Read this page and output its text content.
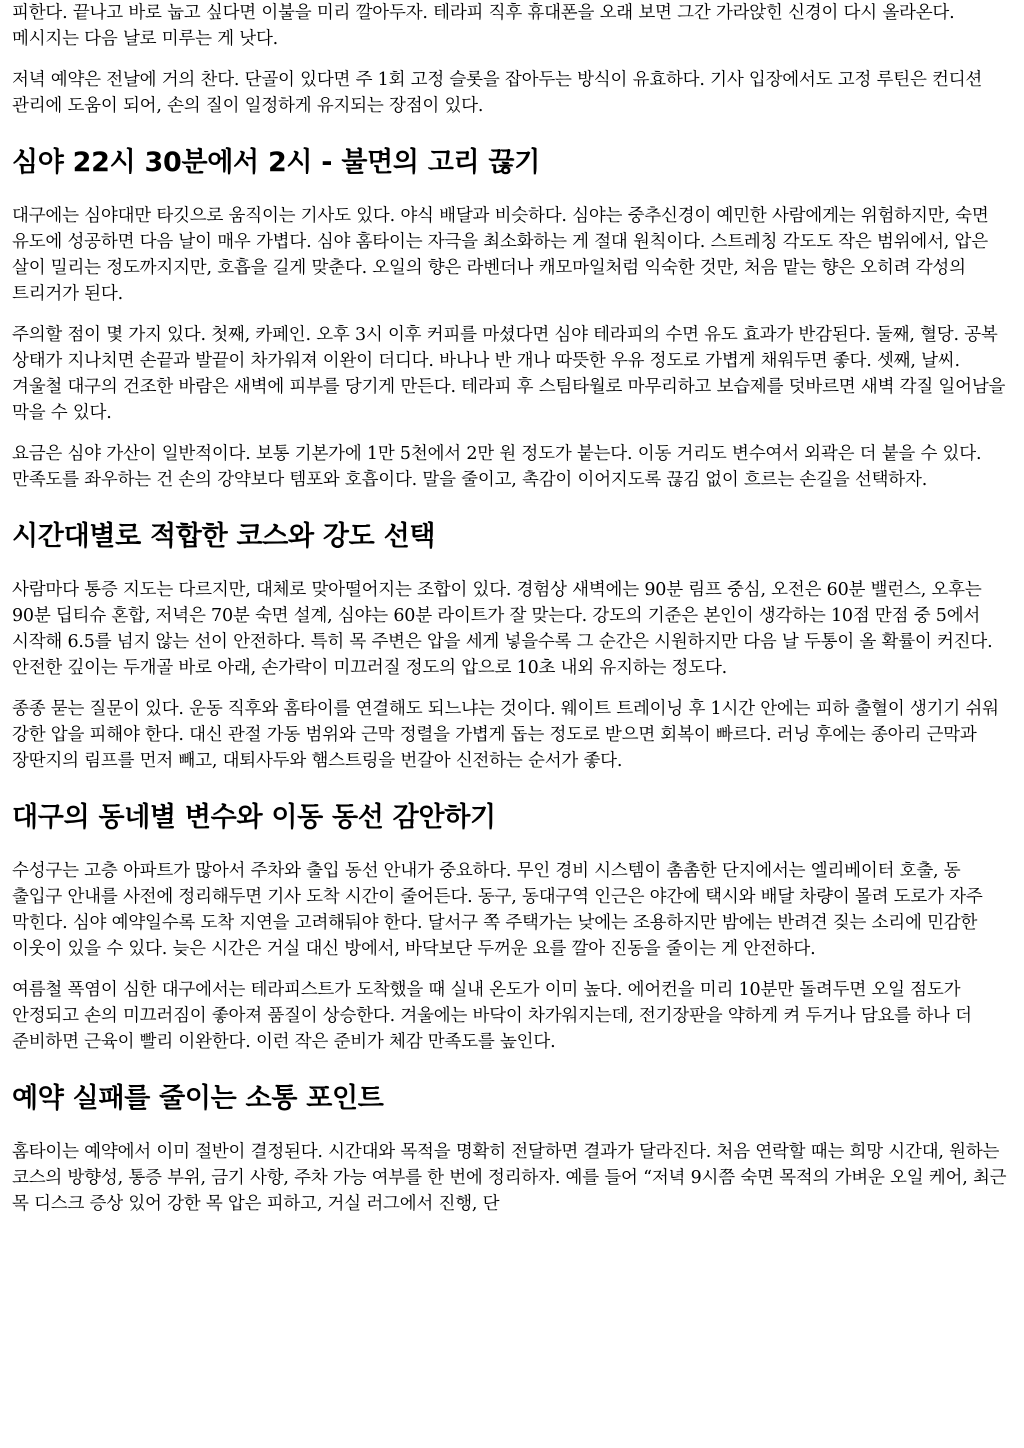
피한다. 끝나고 바로 눕고 싶다면 이불을 미리 깔아두자. 테라피 직후 휴대폰을 오래 보면 그간 가라앉힌 신경이 다시 올라온다. 메시지는 다음 날로 미루는 게 낫다.

저녁 예약은 전날에 거의 찬다. 단골이 있다면 주 1회 고정 슬롯을 잡아두는 방식이 유효하다. 기사 입장에서도 고정 루틴은 컨디션 관리에 도움이 되어, 손의 질이 일정하게 유지되는 장점이 있다.

심야 22시 30분에서 2시 - 불면의 고리 끊기

대구에는 심야대만 타깃으로 움직이는 기사도 있다. 야식 배달과 비슷하다. 심야는 중추신경이 예민한 사람에게는 위험하지만, 숙면 유도에 성공하면 다음 날이 매우 가볍다. 심야 홈타이는 자극을 최소화하는 게 절대 원칙이다. 스트레칭 각도도 작은 범위에서, 압은 살이 밀리는 정도까지지만, 호흡을 길게 맞춘다. 오일의 향은 라벤더나 캐모마일처럼 익숙한 것만, 처음 맡는 향은 오히려 각성의 트리거가 된다.

주의할 점이 몇 가지 있다. 첫째, 카페인. 오후 3시 이후 커피를 마셨다면 심야 테라피의 수면 유도 효과가 반감된다. 둘째, 혈당. 공복 상태가 지나치면 손끝과 발끝이 차가워져 이완이 더디다. 바나나 반 개나 따뜻한 우유 정도로 가볍게 채워두면 좋다. 셋째, 날씨. 겨울철 대구의 건조한 바람은 새벽에 피부를 당기게 만든다. 테라피 후 스팀타월로 마무리하고 보습제를 덧바르면 새벽 각질 일어남을 막을 수 있다.

요금은 심야 가산이 일반적이다. 보통 기본가에 1만 5천에서 2만 원 정도가 붙는다. 이동 거리도 변수여서 외곽은 더 붙을 수 있다. 만족도를 좌우하는 건 손의 강약보다 템포와 호흡이다. 말을 줄이고, 촉감이 이어지도록 끊김 없이 흐르는 손길을 선택하자.

시간대별로 적합한 코스와 강도 선택

사람마다 통증 지도는 다르지만, 대체로 맞아떨어지는 조합이 있다. 경험상 새벽에는 90분 림프 중심, 오전은 60분 밸런스, 오후는 90분 딥티슈 혼합, 저녁은 70분 숙면 설계, 심야는 60분 라이트가 잘 맞는다. 강도의 기준은 본인이 생각하는 10점 만점 중 5에서 시작해 6.5를 넘지 않는 선이 안전하다. 특히 목 주변은 압을 세게 넣을수록 그 순간은 시원하지만 다음 날 두통이 올 확률이 커진다. 안전한 깊이는 두개골 바로 아래, 손가락이 미끄러질 정도의 압으로 10초 내외 유지하는 정도다.

종종 묻는 질문이 있다. 운동 직후와 홈타이를 연결해도 되느냐는 것이다. 웨이트 트레이닝 후 1시간 안에는 피하 출혈이 생기기 쉬워 강한 압을 피해야 한다. 대신 관절 가동 범위와 근막 정렬을 가볍게 돕는 정도로 받으면 회복이 빠르다. 러닝 후에는 종아리 근막과 장딴지의 림프를 먼저 빼고, 대퇴사두와 햄스트링을 번갈아 신전하는 순서가 좋다.

대구의 동네별 변수와 이동 동선 감안하기

수성구는 고층 아파트가 많아서 주차와 출입 동선 안내가 중요하다. 무인 경비 시스템이 촘촘한 단지에서는 엘리베이터 호출, 동 출입구 안내를 사전에 정리해두면 기사 도착 시간이 줄어든다. 동구, 동대구역 인근은 야간에 택시와 배달 차량이 몰려 도로가 자주 막힌다. 심야 예약일수록 도착 지연을 고려해둬야 한다. 달서구 쪽 주택가는 낮에는 조용하지만 밤에는 반려견 짖는 소리에 민감한 이웃이 있을 수 있다. 늦은 시간은 거실 대신 방에서, 바닥보단 두꺼운 요를 깔아 진동을 줄이는 게 안전하다.

여름철 폭염이 심한 대구에서는 테라피스트가 도착했을 때 실내 온도가 이미 높다. 에어컨을 미리 10분만 돌려두면 오일 점도가 안정되고 손의 미끄러짐이 좋아져 품질이 상승한다. 겨울에는 바닥이 차가워지는데, 전기장판을 약하게 켜 두거나 담요를 하나 더 준비하면 근육이 빨리 이완한다. 이런 작은 준비가 체감 만족도를 높인다.

예약 실패를 줄이는 소통 포인트

홈타이는 예약에서 이미 절반이 결정된다. 시간대와 목적을 명확히 전달하면 결과가 달라진다. 처음 연락할 때는 희망 시간대, 원하는 코스의 방향성, 통증 부위, 금기 사항, 주차 가능 여부를 한 번에 정리하자. 예를 들어 “저녁 9시쯤 숙면 목적의 가벼운 오일 케어, 최근 목 디스크 증상 있어 강한 목 압은 피하고, 거실 러그에서 진행, 단
